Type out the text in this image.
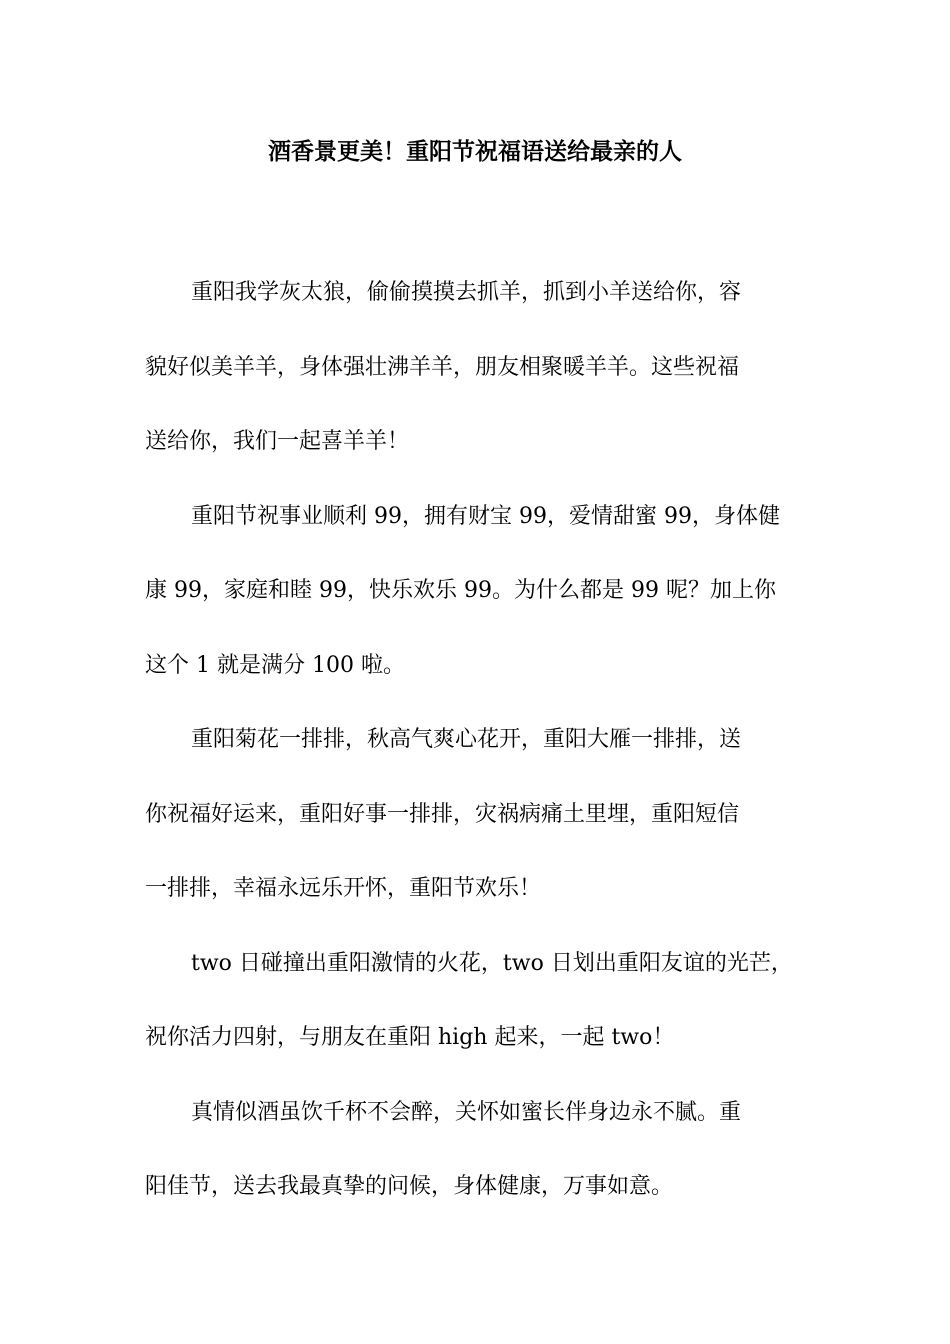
酒香景更美！重阳节祝福语送给最亲的人

重阳我学灰太狼，偷偷摸摸去抓羊，抓到小羊送给你，容
貌好似美羊羊，身体强壮沸羊羊，朋友相聚暖羊羊。这些祝福
送给你，我们一起喜羊羊！

重阳节祝事业顺利 99，拥有财宝 99，爱情甜蜜 99，身体健
康 99，家庭和睦 99，快乐欢乐 99。为什么都是 99 呢？加上你
这个 1 就是满分 100 啦。

重阳菊花一排排，秋高气爽心花开，重阳大雁一排排，送
你祝福好运来，重阳好事一排排，灾祸病痛土里埋，重阳短信
一排排，幸福永远乐开怀，重阳节欢乐！

two 日碰撞出重阳激情的火花，two 日划出重阳友谊的光芒，
祝你活力四射，与朋友在重阳 high 起来，一起 two！

真情似酒虽饮千杯不会醉，关怀如蜜长伴身边永不腻。重
阳佳节，送去我最真挚的问候，身体健康，万事如意。
